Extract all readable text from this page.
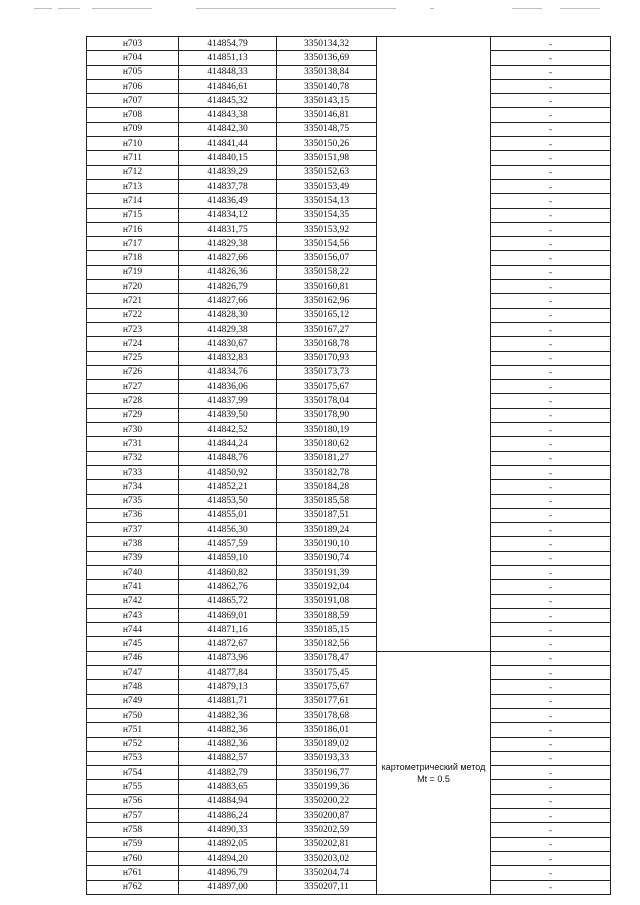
н703	414854,79	3350134,32		-
н704	414851,13	3350136,69		-
н705	414848,33	3350138,84		-
н706	414846,61	3350140,78		-
н707	414845,32	3350143,15		-
н708	414843,38	3350146,81		-
н709	414842,30	3350148,75		-
н710	414841,44	3350150,26		-
н711	414840,15	3350151,98		-
н712	414839,29	3350152,63		-
н713	414837,78	3350153,49		-
н714	414836,49	3350154,13		-
н715	414834,12	3350154,35		-
н716	414831,75	3350153,92		-
н717	414829,38	3350154,56		-
н718	414827,66	3350156,07		-
н719	414826,36	3350158,22		-
н720	414826,79	3350160,81		-
н721	414827,66	3350162,96		-
н722	414828,30	3350165,12		-
н723	414829,38	3350167,27		-
н724	414830,67	3350168,78		-
н725	414832,83	3350170,93		-
н726	414834,76	3350173,73		-
н727	414836,06	3350175,67		-
н728	414837,99	3350178,04		-
н729	414839,50	3350178,90		-
н730	414842,52	3350180,19		-
н731	414844,24	3350180,62		-
н732	414848,76	3350181,27		-
н733	414850,92	3350182,78		-
н734	414852,21	3350184,28		-
н735	414853,50	3350185,58		-
н736	414855,01	3350187,51		-
н737	414856,30	3350189,24		-
н738	414857,59	3350190,10		-
н739	414859,10	3350190,74		-
н740	414860,82	3350191,39		-
н741	414862,76	3350192,04		-
н742	414865,72	3350191,08		-
н743	414869,01	3350188,59		-
н744	414871,16	3350185,15		-
н745	414872,67	3350182,56		-
н746	414873,96	3350178,47	картометрический метод Mt = 0.5	-
н747	414877,84	3350175,45		-
н748	414879,13	3350175,67		-
н749	414881,71	3350177,61		-
н750	414882,36	3350178,68		-
н751	414882,36	3350186,01		-
н752	414882,36	3350189,02		-
н753	414882,57	3350193,33		-
н754	414882,79	3350196,77		-
н755	414883,65	3350199,36		-
н756	414884,94	3350200,22		-
н757	414886,24	3350200,87		-
н758	414890,33	3350202,59		-
н759	414892,05	3350202,81		-
н760	414894,20	3350203,02		-
н761	414896,79	3350204,74		-
н762	414897,00	3350207,11		-
